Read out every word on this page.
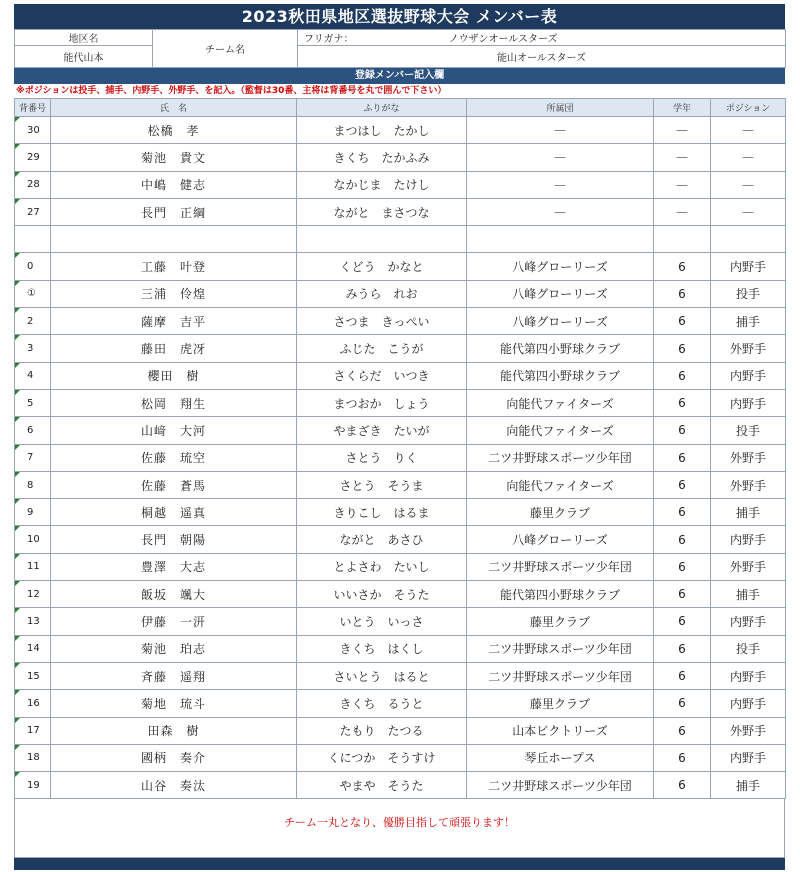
2023秋田県地区選抜野球大会 メンバー表
地区名	チーム名	フリガナ： ノウザンオールスターズ
能代山本		能山オールスターズ
登録メンバー記入欄
※ポジションは投手、捕手、内野手、外野手、を記入。（監督は30番、主将は背番号を丸で囲んで下さい）
背番号	氏　名	ふりがな	所属団	学年	ポジション
30	松橋　孝	まつはし　たかし	—	—	—
29	菊池　貴文	きくち　たかふみ	—	—	—
28	中嶋　健志	なかじま　たけし	—	—	—
27	長門　正綱	ながと　まさつな	—	—	—

0	工藤　叶登	くどう　かなと	八峰グローリーズ	6	内野手
①	三浦　伶煌	みうら　れお	八峰グローリーズ	6	投手
2	薩摩　吉平	さつま　きっぺい	八峰グローリーズ	6	捕手
3	藤田　虎冴	ふじた　こうが	能代第四小野球クラブ	6	外野手
4	櫻田　樹	さくらだ　いつき	能代第四小野球クラブ	6	内野手
5	松岡　翔生	まつおか　しょう	向能代ファイターズ	6	内野手
6	山﨑　大河	やまざき　たいが	向能代ファイターズ	6	投手
7	佐藤　琉空	さとう　りく	二ツ井野球スポーツ少年団	6	外野手
8	佐藤　蒼馬	さとう　そうま	向能代ファイターズ	6	外野手
9	桐越　遥真	きりこし　はるま	藤里クラブ	6	捕手
10	長門　朝陽	ながと　あさひ	八峰グローリーズ	6	内野手
11	豊澤　大志	とよさわ　たいし	二ツ井野球スポーツ少年団	6	外野手
12	飯坂　颯大	いいさか　そうた	能代第四小野球クラブ	6	捕手
13	伊藤　一汧	いとう　いっさ	藤里クラブ	6	内野手
14	菊池　珀志	きくち　はくし	二ツ井野球スポーツ少年団	6	投手
15	斉藤　遥翔	さいとう　はると	二ツ井野球スポーツ少年団	6	内野手
16	菊地　琉斗	きくち　るうと	藤里クラブ	6	内野手
17	田森　樹	たもり　たつる	山本ビクトリーズ	6	外野手
18	國柄　奏介	くにつか　そうすけ	琴丘ホープス	6	内野手
19	山谷　奏汰	やまや　そうた	二ツ井野球スポーツ少年団	6	捕手
チーム一丸となり、優勝目指して頑張ります！
